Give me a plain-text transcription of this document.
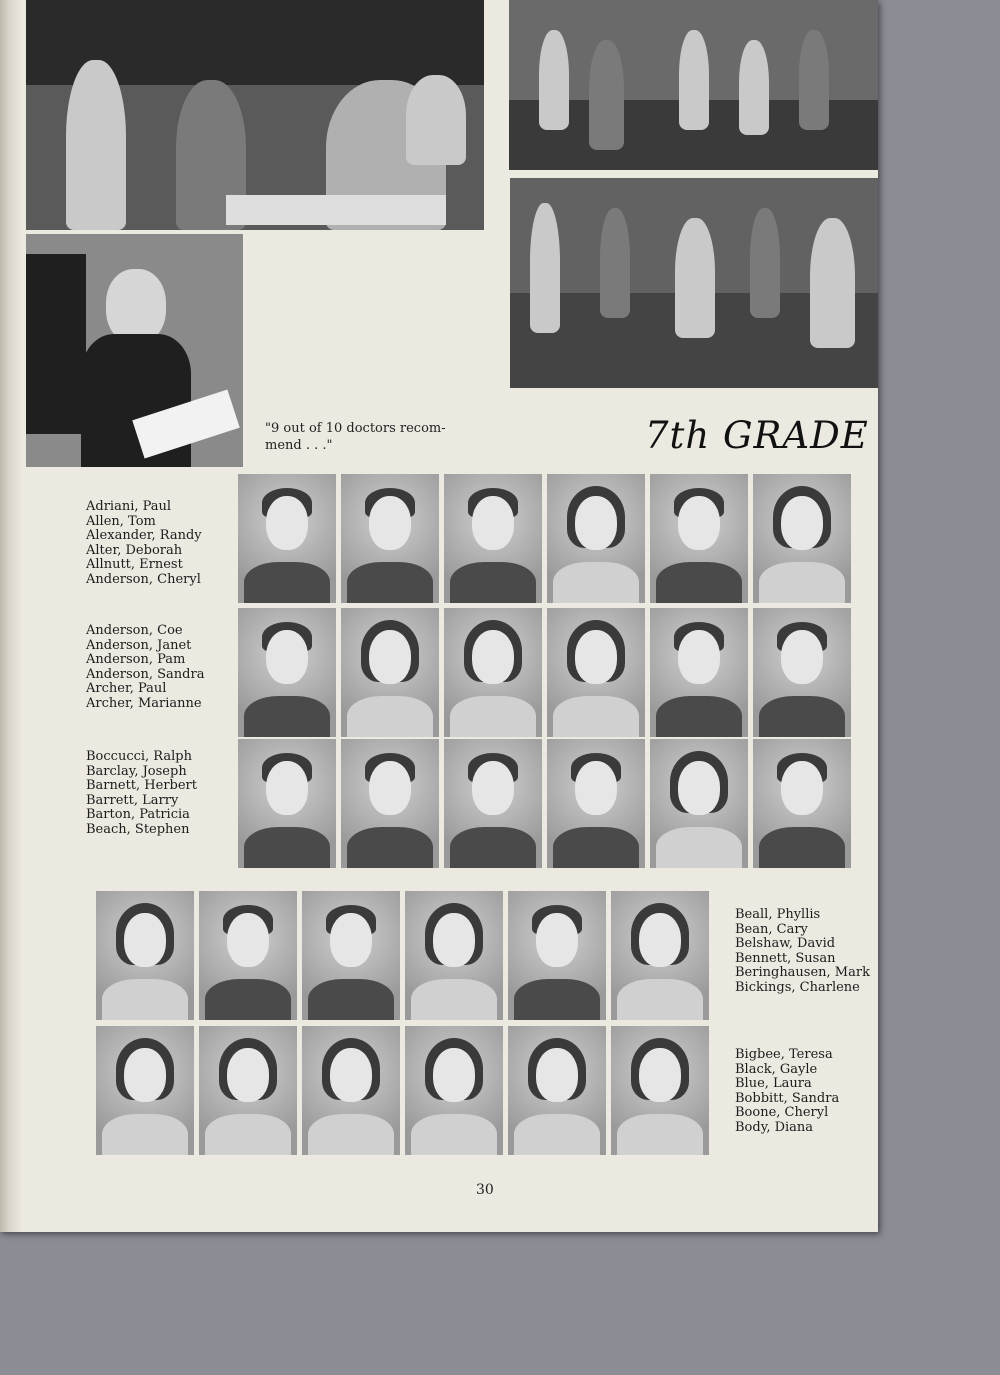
"9 out of 10 doctors recom-
mend . . ."	7th GRADE
Adriani, Paul
Allen, Tom
Alexander, Randy
Alter, Deborah
Allnutt, Ernest
Anderson, Cheryl
Anderson, Coe
Anderson, Janet
Anderson, Pam
Anderson, Sandra
Archer, Paul
Archer, Marianne
Boccucci, Ralph
Barclay, Joseph
Barnett, Herbert
Barrett, Larry
Barton, Patricia
Beach, Stephen
Beall, Phyllis
Bean, Cary
Belshaw, David
Bennett, Susan
Beringhausen, Mark
Bickings, Charlene
Bigbee, Teresa
Black, Gayle
Blue, Laura
Bobbitt, Sandra
Boone, Cheryl
Body, Diana
30
